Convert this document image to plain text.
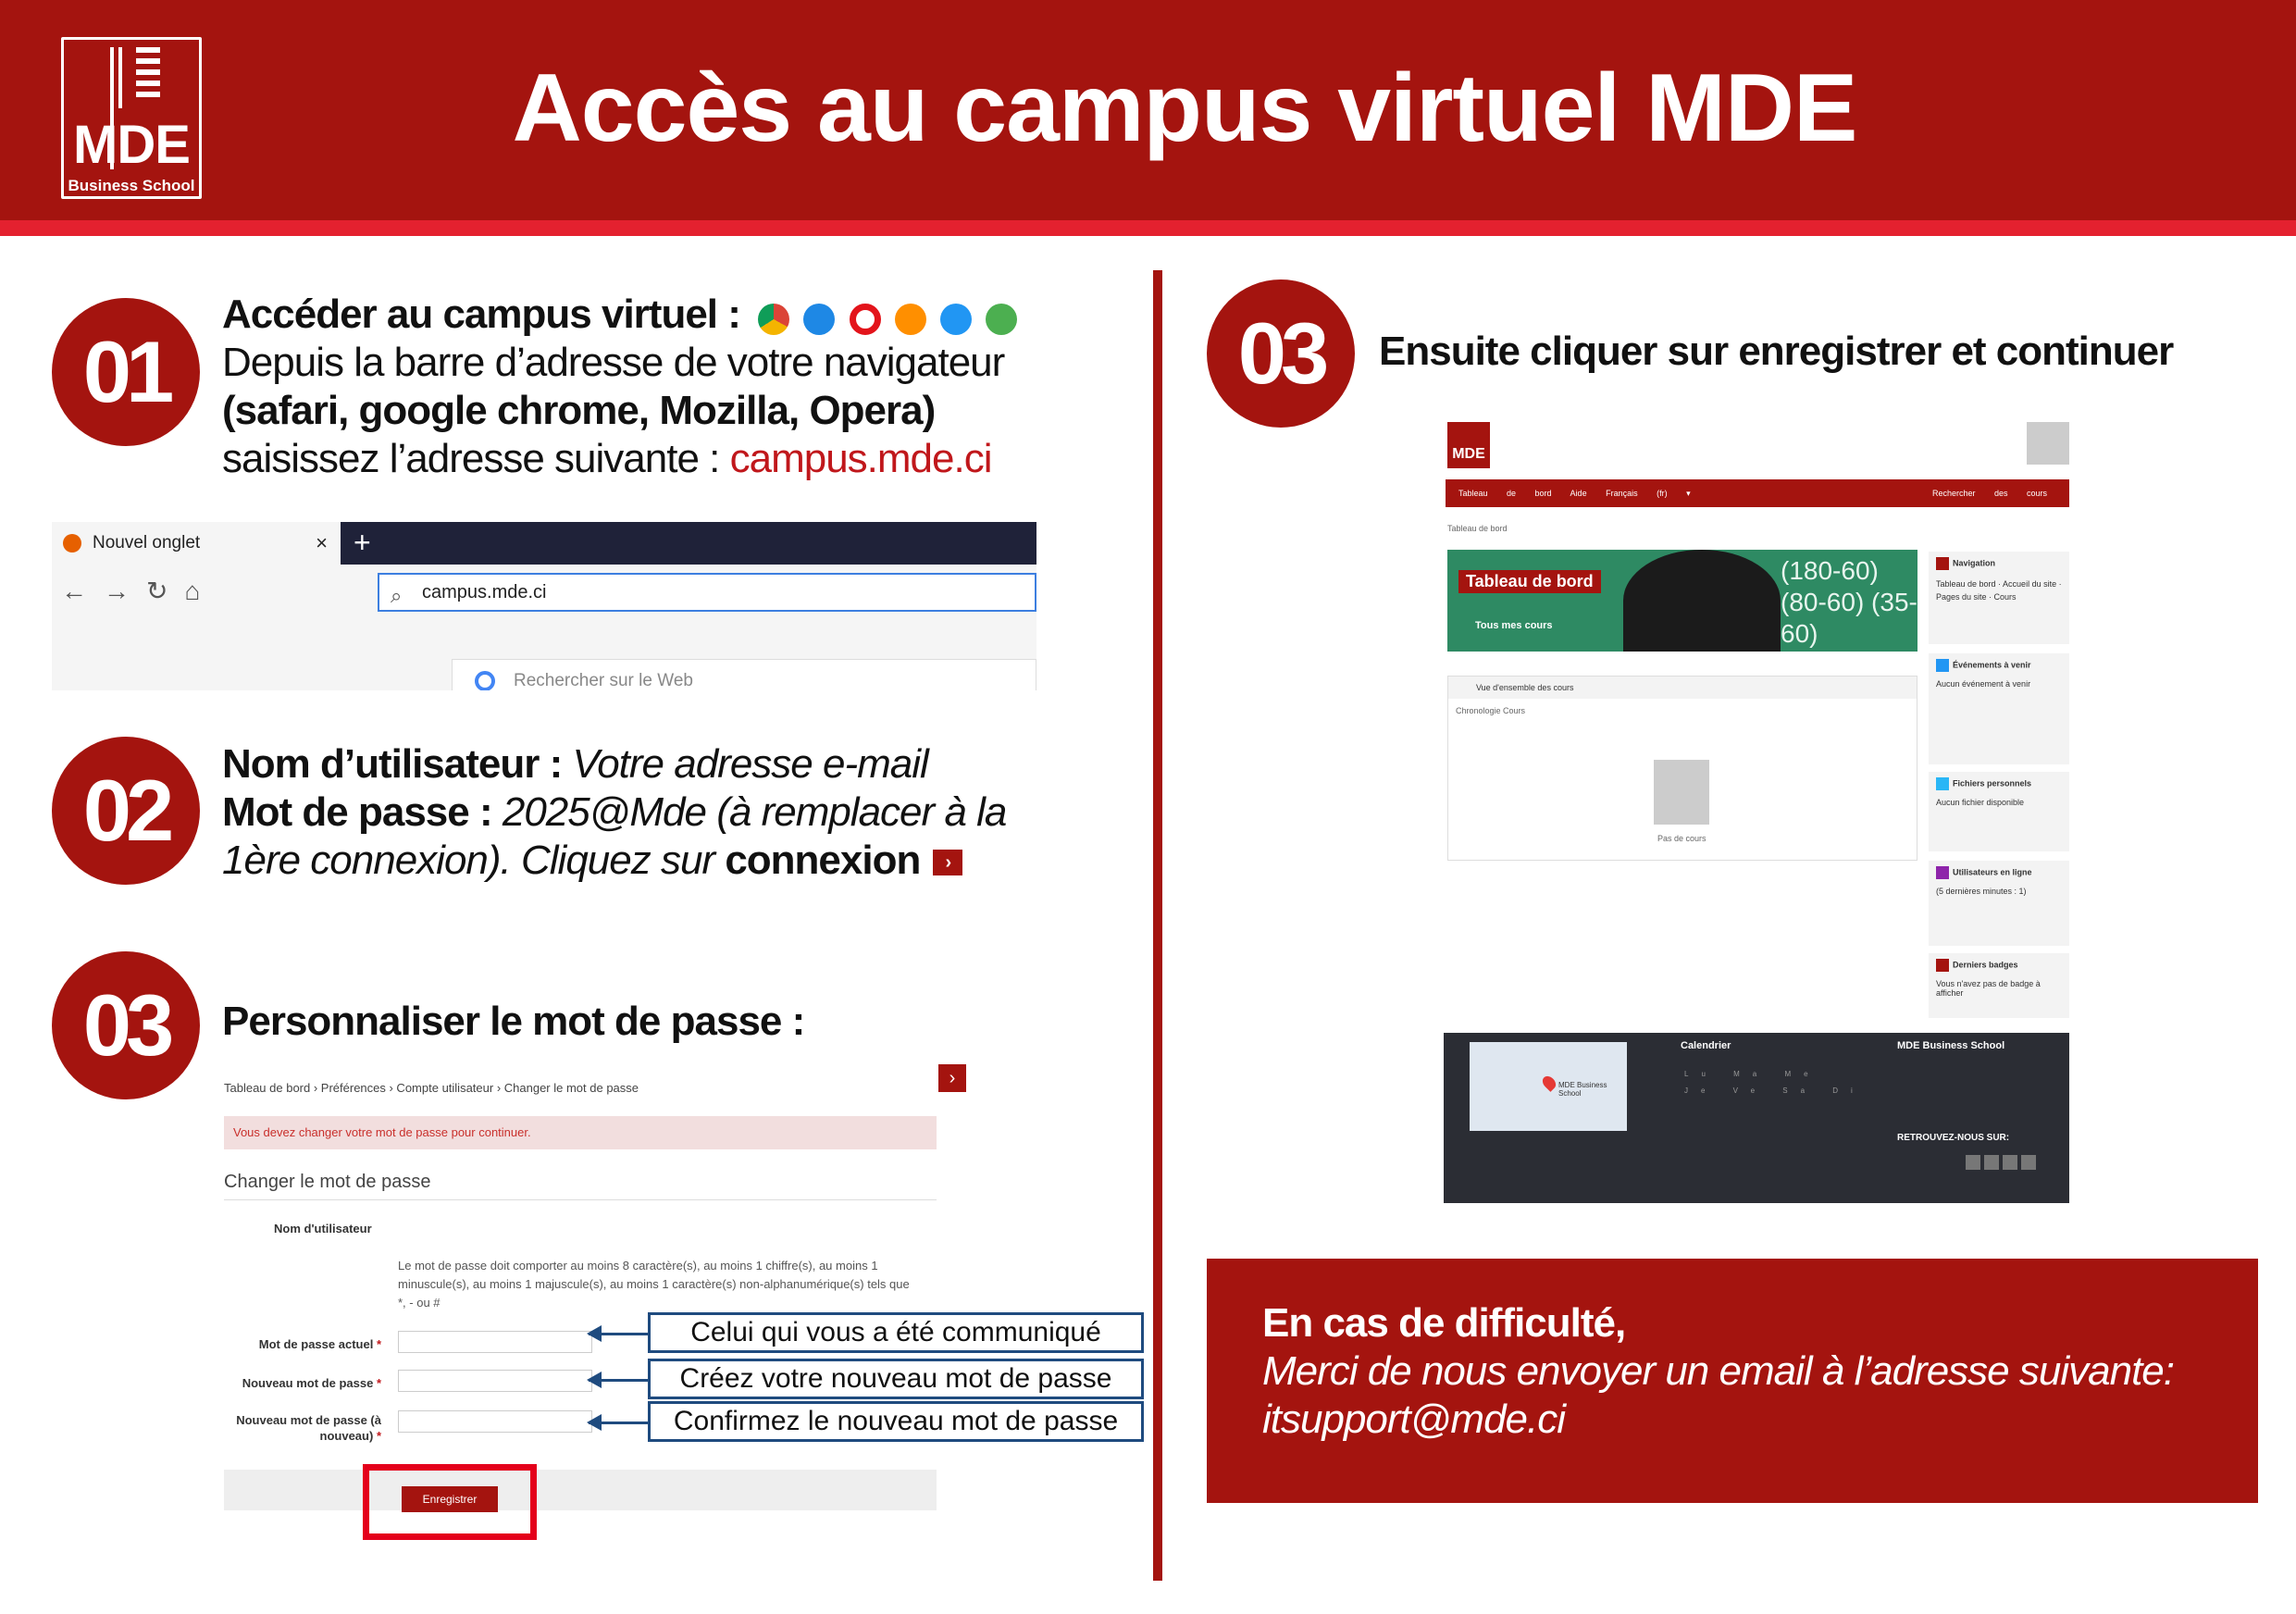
MDE
Business School
Accès au campus virtuel MDE
01
Accéder au campus virtuel :
Depuis la barre d’adresse de votre navigateur
(safari, google chrome, Mozilla, Opera)
saisissez l’adresse suivante : campus.mde.ci
Nouvel onglet	× +
←→↻⌂	⌕ campus.mde.ci
Rechercher sur le Web
02	Nom d’utilisateur : Votre adresse e-mail
Mot de passe : 2025@Mde (à remplacer à la
1ère connexion). Cliquez sur connexion ›
03	Personnaliser le mot de passe :
Tableau de bord › Préférences › Compte utilisateur › Changer le mot de passe
Vous devez changer votre mot de passe pour continuer.
Changer le mot de passe
Nom d'utilisateur
Le mot de passe doit comporter au moins 8 caractère(s), au moins 1 chiffre(s), au moins 1 minuscule(s), au moins 1 majuscule(s), au moins 1 caractère(s) non-alphanumérique(s) tels que *, - ou #
Mot de passe actuel *
Nouveau mot de passe *
Nouveau mot de passe (à nouveau) *
›
Enregistrer
Celui qui vous a été communiqué
Créez votre nouveau mot de passe
Confirmez le nouveau mot de passe
03	Ensuite cliquer sur enregistrer et continuer
MDE
Tableau de bord Aide Français (fr) ▾	Rechercher des cours
Tableau de bord
(180-60) (80-60) (35-60)
Tableau de bord
Tous mes cours
Vue d'ensemble des cours
Chronologie Cours
Pas de cours
Navigation
Tableau de bord · Accueil du site · Pages du site · Cours
Événements à venir
Aucun événement à venir
Fichiers personnels
Aucun fichier disponible
Utilisateurs en ligne
(5 dernières minutes : 1)
Derniers badges
Vous n'avez pas de badge à afficher
MDE Business School
Calendrier
Lu Ma Me Je Ve Sa Di
MDE Business School
RETROUVEZ-NOUS SUR:
En cas de difficulté,
Merci de nous envoyer un email à l’adresse suivante:
itsupport@mde.ci
